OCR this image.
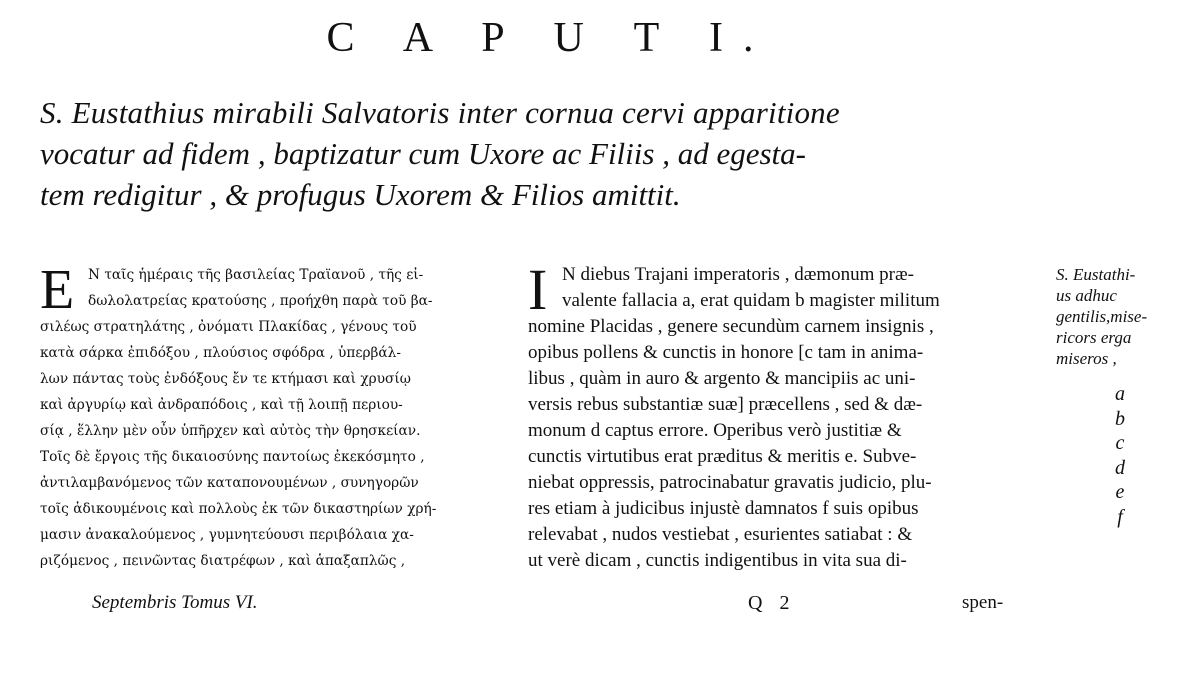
C A P U T I.
S. Eustathius mirabili Salvatoris inter cornua cervi apparitione
vocatur ad fidem , baptizatur cum Uxore ac Filiis , ad egesta-
tem redigitur , & profugus Uxorem & Filios amittit.
E	Ν ταῖς ἡμέραις τῆς βασιλείας Τραϊανοῦ , τῆς εἰ-
δωλολατρείας κρατούσης , προήχθη παρὰ τοῦ βα-
σιλέως στρατηλάτης , ὀνόματι Πλακίδας , γένους τοῦ
κατὰ σάρκα ἐπιδόξου , πλούσιος σφόδρα , ὑπερβάλ-
λων πάντας τοὺς ἐνδόξους ἔν τε κτήμασι καὶ χρυσίῳ
καὶ ἀργυρίῳ καὶ ἀνδραπόδοις , καὶ τῇ λοιπῇ περιου-
σίᾳ , ἕλλην μὲν οὖν ὑπῆρχεν καὶ αὐτὸς τὴν θρησκείαν.
Τοῖς δὲ ἔργοις τῆς δικαιοσύνης παντοίως ἐκεκόσμητο ,
ἀντιλαμβανόμενος τῶν καταπονουμένων , συνηγορῶν
τοῖς ἀδικουμένοις καὶ πολλοὺς ἐκ τῶν δικαστηρίων χρή-
μασιν ἀνακαλούμενος , γυμνητεύουσι περιβόλαια χα-
ριζόμενος , πεινῶντας διατρέφων , καὶ ἁπαξαπλῶς ,
I N diebus Trajani imperatoris , dæmonum præ-
valente fallacia a, erat quidam b magister militum
nomine Placidas , genere secundùm carnem insignis ,
opibus pollens & cunctis in honore [c tam in anima-
libus , quàm in auro & argento & mancipiis ac uni-
versis rebus substantiæ suæ] præcellens , sed & dæ-
monum d captus errore. Operibus verò justitiæ &
cunctis virtutibus erat præditus & meritis e. Subve-
niebat oppressis, patrocinabatur gravatis judicio, plu-
res etiam à judicibus injustè damnatos f suis opibus
relevabat , nudos vestiebat , esurientes satiabat : &
ut verè dicam , cunctis indigentibus in vita sua di-
S. Eustathi-
us adhuc
gentilis,mise-
ricors erga
miseros ,
a
b
c
d
e
f
Septembris Tomus VI.	Q 2	spen-
